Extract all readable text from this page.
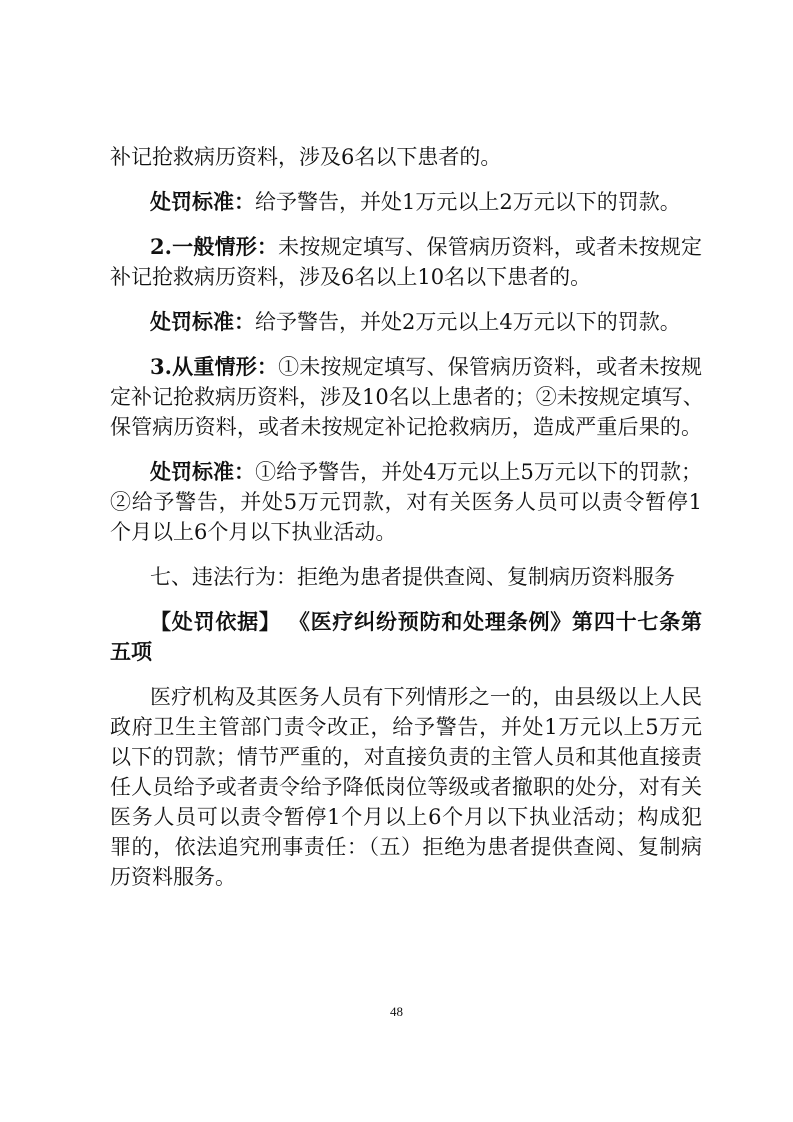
补记抢救病历资料，涉及6名以下患者的。
处罚标准：给予警告，并处1万元以上2万元以下的罚款。
2.一般情形：未按规定填写、保管病历资料，或者未按规定
补记抢救病历资料，涉及6名以上10名以下患者的。
处罚标准：给予警告，并处2万元以上4万元以下的罚款。
3.从重情形：①未按规定填写、保管病历资料，或者未按规
定补记抢救病历资料，涉及10名以上患者的；②未按规定填写、
保管病历资料，或者未按规定补记抢救病历，造成严重后果的。
处罚标准：①给予警告，并处4万元以上5万元以下的罚款；
②给予警告，并处5万元罚款，对有关医务人员可以责令暂停1
个月以上6个月以下执业活动。
七、违法行为：拒绝为患者提供查阅、复制病历资料服务
【处罚依据】 《医疗纠纷预防和处理条例》第四十七条第
五项
医疗机构及其医务人员有下列情形之一的，由县级以上人民
政府卫生主管部门责令改正，给予警告，并处1万元以上5万元
以下的罚款；情节严重的，对直接负责的主管人员和其他直接责
任人员给予或者责令给予降低岗位等级或者撤职的处分，对有关
医务人员可以责令暂停1个月以上6个月以下执业活动；构成犯
罪的，依法追究刑事责任：（五）拒绝为患者提供查阅、复制病
历资料服务。
48
